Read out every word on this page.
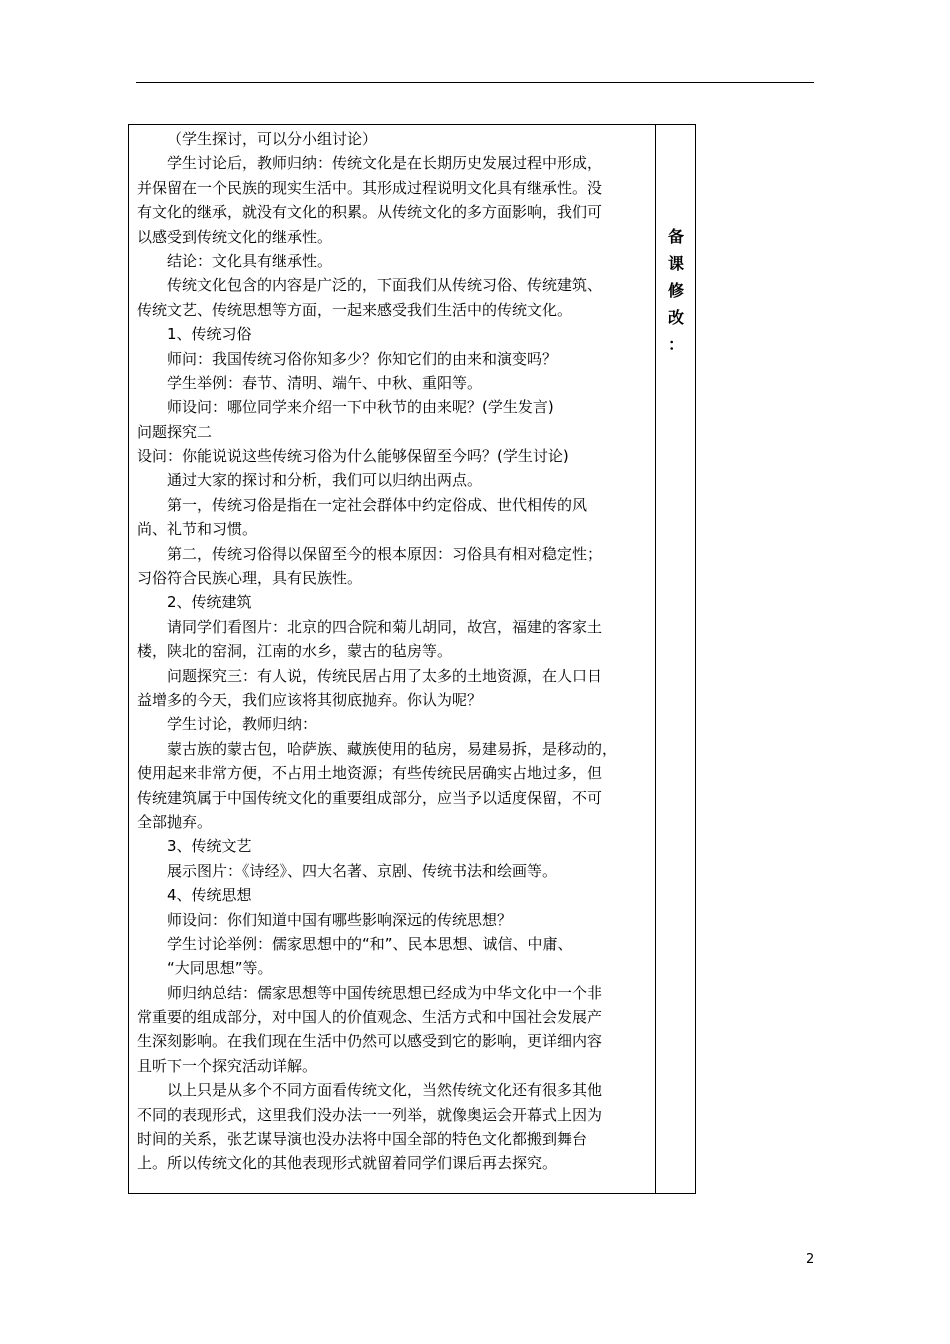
（学生探讨，可以分小组讨论）
学生讨论后，教师归纳：传统文化是在长期历史发展过程中形成，
并保留在一个民族的现实生活中。其形成过程说明文化具有继承性。没
有文化的继承，就没有文化的积累。从传统文化的多方面影响，我们可
以感受到传统文化的继承性。
结论：文化具有继承性。
传统文化包含的内容是广泛的，下面我们从传统习俗、传统建筑、
传统文艺、传统思想等方面，一起来感受我们生活中的传统文化。
1、传统习俗
师问：我国传统习俗你知多少？你知它们的由来和演变吗？
学生举例：春节、清明、端午、中秋、重阳等。
师设问：哪位同学来介绍一下中秋节的由来呢？(学生发言)
问题探究二
设问：你能说说这些传统习俗为什么能够保留至今吗？(学生讨论)
通过大家的探讨和分析，我们可以归纳出两点。
第一，传统习俗是指在一定社会群体中约定俗成、世代相传的风
尚、礼节和习惯。
第二，传统习俗得以保留至今的根本原因：习俗具有相对稳定性；
习俗符合民族心理，具有民族性。
2、传统建筑
请同学们看图片：北京的四合院和菊儿胡同，故宫，福建的客家土
楼，陕北的窑洞，江南的水乡，蒙古的毡房等。
问题探究三：有人说，传统民居占用了太多的土地资源，在人口日
益增多的今天，我们应该将其彻底抛弃。你认为呢？
学生讨论，教师归纳：
蒙古族的蒙古包，哈萨族、藏族使用的毡房，易建易拆，是移动的，
使用起来非常方便，不占用土地资源；有些传统民居确实占地过多，但
传统建筑属于中国传统文化的重要组成部分，应当予以适度保留，不可
全部抛弃。
3、传统文艺
展示图片：《诗经》、四大名著、京剧、传统书法和绘画等。
4、传统思想
师设问：你们知道中国有哪些影响深远的传统思想？
学生讨论举例：儒家思想中的“和”、民本思想、诚信、中庸、
“大同思想”等。
师归纳总结：儒家思想等中国传统思想已经成为中华文化中一个非
常重要的组成部分，对中国人的价值观念、生活方式和中国社会发展产
生深刻影响。在我们现在生活中仍然可以感受到它的影响，更详细内容
且听下一个探究活动详解。
以上只是从多个不同方面看传统文化，当然传统文化还有很多其他
不同的表现形式，这里我们没办法一一列举，就像奥运会开幕式上因为
时间的关系，张艺谋导演也没办法将中国全部的特色文化都搬到舞台
上。所以传统文化的其他表现形式就留着同学们课后再去探究。
备
课
修
改
：
2
